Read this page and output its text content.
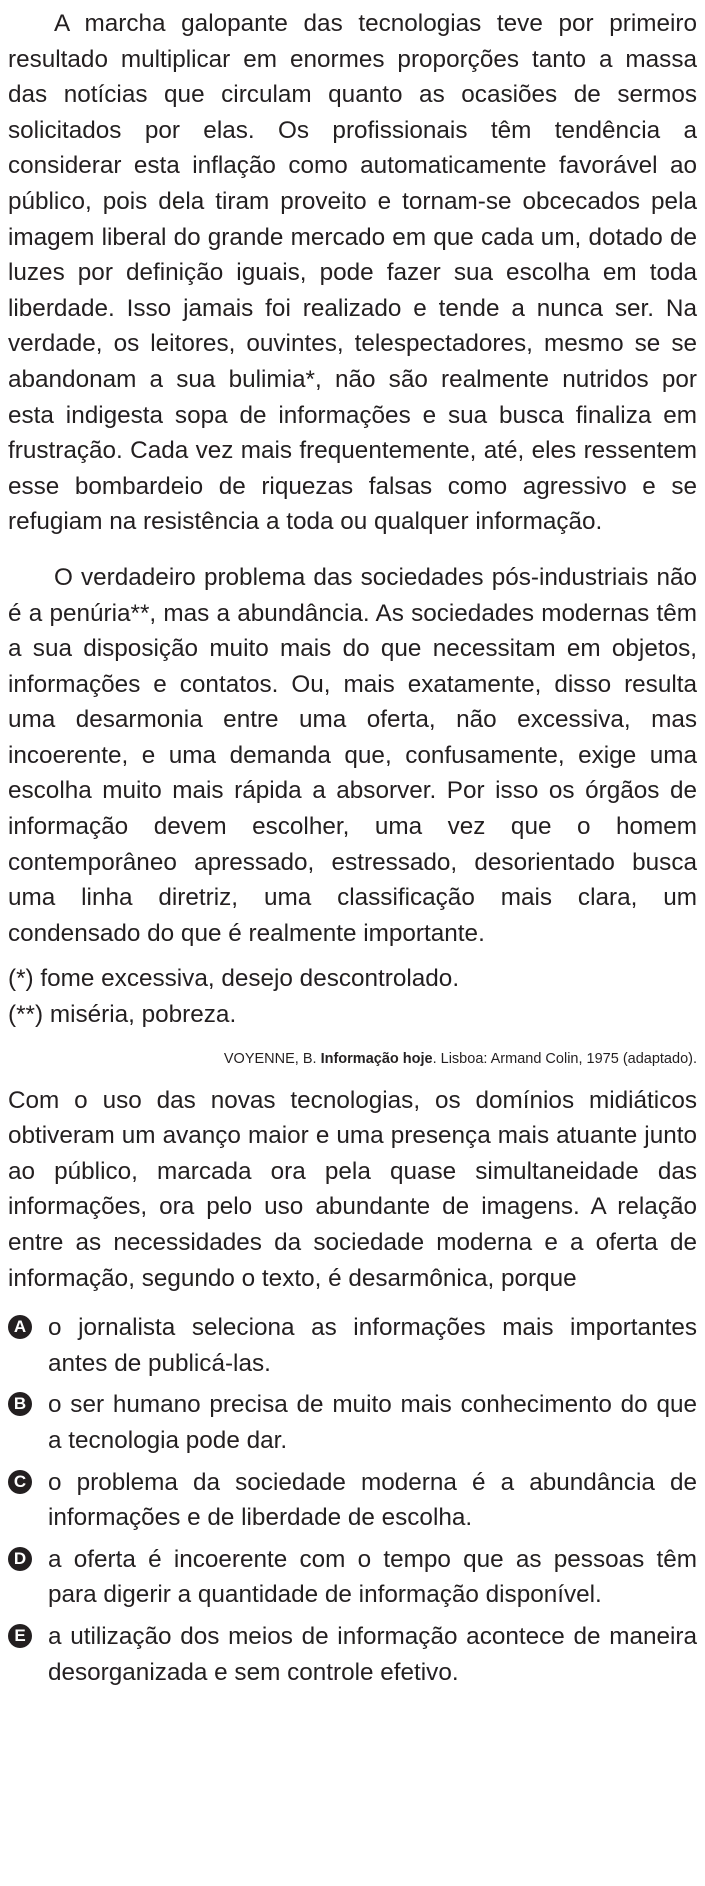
A marcha galopante das tecnologias teve por primeiro resultado multiplicar em enormes proporções tanto a massa das notícias que circulam quanto as ocasiões de sermos solicitados por elas. Os profissionais têm tendência a considerar esta inflação como automaticamente favorável ao público, pois dela tiram proveito e tornam-se obcecados pela imagem liberal do grande mercado em que cada um, dotado de luzes por definição iguais, pode fazer sua escolha em toda liberdade. Isso jamais foi realizado e tende a nunca ser. Na verdade, os leitores, ouvintes, telespectadores, mesmo se se abandonam a sua bulimia*, não são realmente nutridos por esta indigesta sopa de informações e sua busca finaliza em frustração. Cada vez mais frequentemente, até, eles ressentem esse bombardeio de riquezas falsas como agressivo e se refugiam na resistência a toda ou qualquer informação.

O verdadeiro problema das sociedades pós-industriais não é a penúria**, mas a abundância. As sociedades modernas têm a sua disposição muito mais do que necessitam em objetos, informações e contatos. Ou, mais exatamente, disso resulta uma desarmonia entre uma oferta, não excessiva, mas incoerente, e uma demanda que, confusamente, exige uma escolha muito mais rápida a absorver. Por isso os órgãos de informação devem escolher, uma vez que o homem contemporâneo apressado, estressado, desorientado busca uma linha diretriz, uma classificação mais clara, um condensado do que é realmente importante.

(*) fome excessiva, desejo descontrolado.

(**) miséria, pobreza.

VOYENNE, B. Informação hoje. Lisboa: Armand Colin, 1975 (adaptado).

Com o uso das novas tecnologias, os domínios midiáticos obtiveram um avanço maior e uma presença mais atuante junto ao público, marcada ora pela quase simultaneidade das informações, ora pelo uso abundante de imagens. A relação entre as necessidades da sociedade moderna e a oferta de informação, segundo o texto, é desarmônica, porque

A o jornalista seleciona as informações mais importantes antes de publicá-las.
B o ser humano precisa de muito mais conhecimento do que a tecnologia pode dar.
C o problema da sociedade moderna é a abundância de informações e de liberdade de escolha.
D a oferta é incoerente com o tempo que as pessoas têm para digerir a quantidade de informação disponível.
E a utilização dos meios de informação acontece de maneira desorganizada e sem controle efetivo.
